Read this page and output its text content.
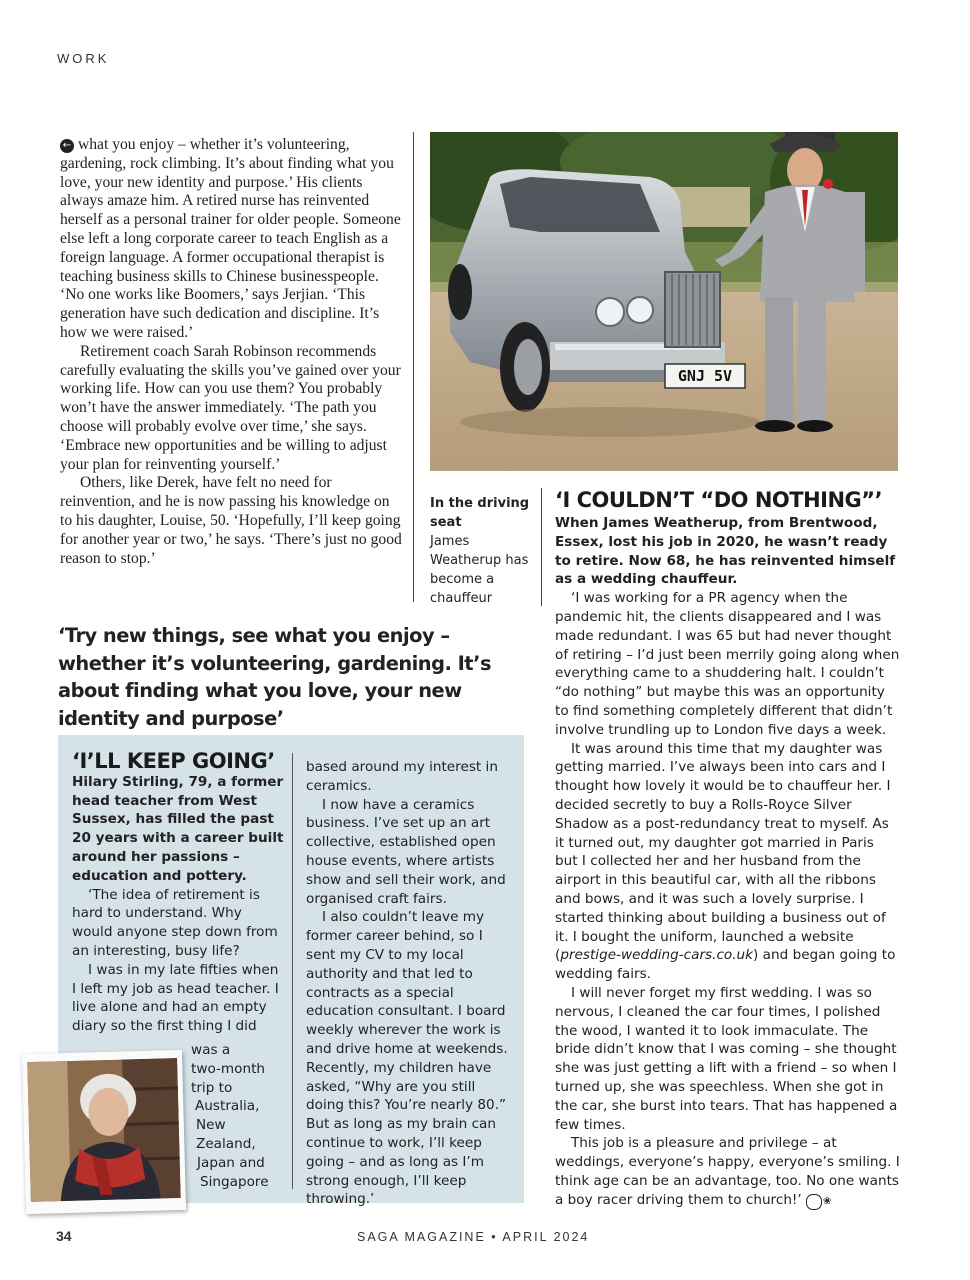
WORK

← what you enjoy – whether it’s volunteering, gardening, rock climbing. It’s about finding what you love, your new identity and purpose.’ His clients always amaze him. A retired nurse has reinvented herself as a personal trainer for older people. Someone else left a long corporate career to teach English as a foreign language. A former occupational therapist is teaching business skills to Chinese businesspeople. ‘No one works like Boomers,’ says Jerjian. ‘This generation have such dedication and discipline. It’s how we were raised.’

Retirement coach Sarah Robinson recommends carefully evaluating the skills you’ve gained over your working life. How can you use them? You probably won’t have the answer immediately. ‘The path you choose will probably evolve over time,’ she says. ‘Embrace new opportunities and be willing to adjust your plan for reinventing yourself.’

Others, like Derek, have felt no need for reinvention, and he is now passing his knowledge on to his daughter, Louise, 50. ‘Hopefully, I’ll keep going for another year or two,’ he says. ‘There’s just no good reason to stop.’

GNJ 5V
In the driving seat
James Weatherup has become a chauffeur
‘Try new things, see what you enjoy – whether it’s volunteering, gardening. It’s about finding what you love, your new identity and purpose’
‘I’LL KEEP GOING’

Hilary Stirling, 79, a former head teacher from West Sussex, has filled the past 20 years with a career built around her passions – education and pottery.

‘The idea of retirement is hard to understand. Why would anyone step down from an interesting, busy life?

I was in my late fifties when I left my job as head teacher. I live alone and had an empty diary so the first thing I did

was a
two-month
trip to
Australia,
New
Zealand,
Japan and
Singapore

based around my interest in ceramics.

I now have a ceramics business. I’ve set up an art collective, established open house events, where artists show and sell their work, and organised craft fairs.

I also couldn’t leave my former career behind, so I sent my CV to my local authority and that led to contracts as a special education consultant. I board weekly wherever the work is and drive home at weekends. Recently, my children have asked, “Why are you still doing this? You’re nearly 80.” But as long as my brain can continue to work, I’ll keep going – and as long as I’m strong enough, I’ll keep throwing.’

‘I COULDN’T “DO NOTHING”’

When James Weatherup, from Brentwood, Essex, lost his job in 2020, he wasn’t ready to retire. Now 68, he has reinvented himself as a wedding chauffeur.

‘I was working for a PR agency when the pandemic hit, the clients disappeared and I was made redundant. I was 65 but had never thought of retiring – I’d just been merrily going along when everything came to a shuddering halt. I couldn’t “do nothing” but maybe this was an opportunity to find something completely different that didn’t involve trundling up to London five days a week.

It was around this time that my daughter was getting married. I’ve always been into cars and I thought how lovely it would be to chauffeur her. I decided secretly to buy a Rolls-Royce Silver Shadow as a post-redundancy treat to myself. As it turned out, my daughter got married in Paris but I collected her and her husband from the airport in this beautiful car, with all the ribbons and bows, and it was such a lovely surprise. I started thinking about building a business out of it. I bought the uniform, launched a website (prestige-wedding-cars.co.uk) and began going to wedding fairs.

I will never forget my first wedding. I was so nervous, I cleaned the car four times, I polished the wood, I wanted it to look immaculate. The bride didn’t know that I was coming – she thought she was just getting a lift with a friend – so when I turned up, she was speechless. When she got in the car, she burst into tears. That has happened a few times.

This job is a pleasure and privilege – at weddings, everyone’s happy, everyone’s smiling. I think age can be an advantage, too. No one wants a boy racer driving them to church!’ ❀

34	SAGA MAGAZINE • APRIL 2024
